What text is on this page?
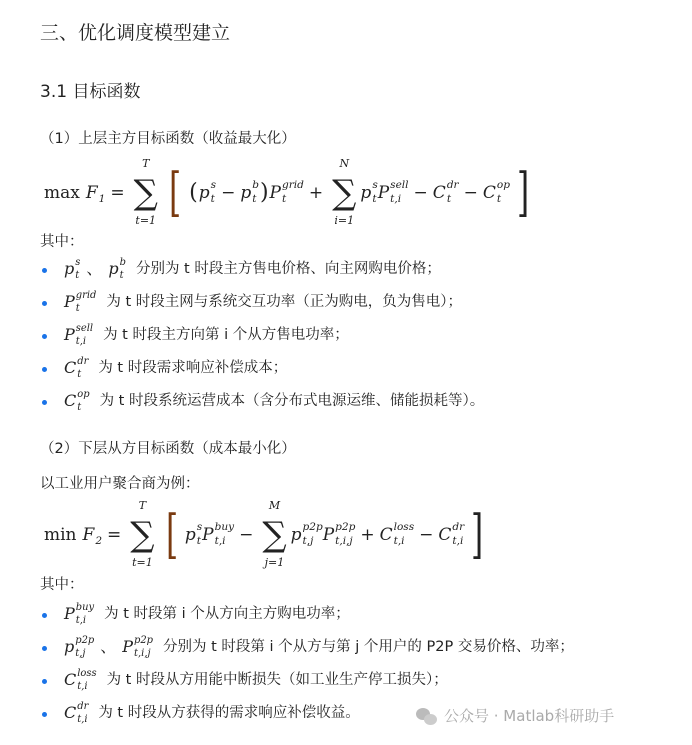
三、优化调度模型建立
3.1 目标函数
（1）上层主方目标函数（收益最大化）
max F
1 =
T
∑
t=1 [ ( p s
t − p b
t ) P grid
t	+
N
∑
i=1
p s
t P sell
t,i − C dr
t − C op
t ]
其中：
p s
t 、 p b
t 分别为 t 时段主方售电价格、向主网购电价格；
P grid
t	为 t 时段主网与系统交互功率（正为购电，负为售电）；
P sell
t,i	为 t 时段主方向第 i 个从方售电功率；
C dr
t	为 t 时段需求响应补偿成本；
C op
t	为 t 时段系统运营成本（含分布式电源运维、储能损耗等）。
（2）下层从方目标函数（成本最小化）
以工业用户聚合商为例：
min F
2 =
T
∑
t=1 [ p s
t P buy
t,i −
M
∑
j=1
p p2p
t,j P p2p
t,i,j + C loss
t,i − C dr
t,i ]
其中：
P buy
t,i	为 t 时段第 i 个从方向主方购电功率；
p p2p
t,j 、 P p2p
t,i,j 分别为 t 时段第 i 个从方与第 j 个用户的 P2P 交易价格、功率；
C loss
t,i	为 t 时段从方用能中断损失（如工业生产停工损失）；
C dr
t,i 为 t 时段从方获得的需求响应补偿收益。	公众号 · Matlab科研助手
